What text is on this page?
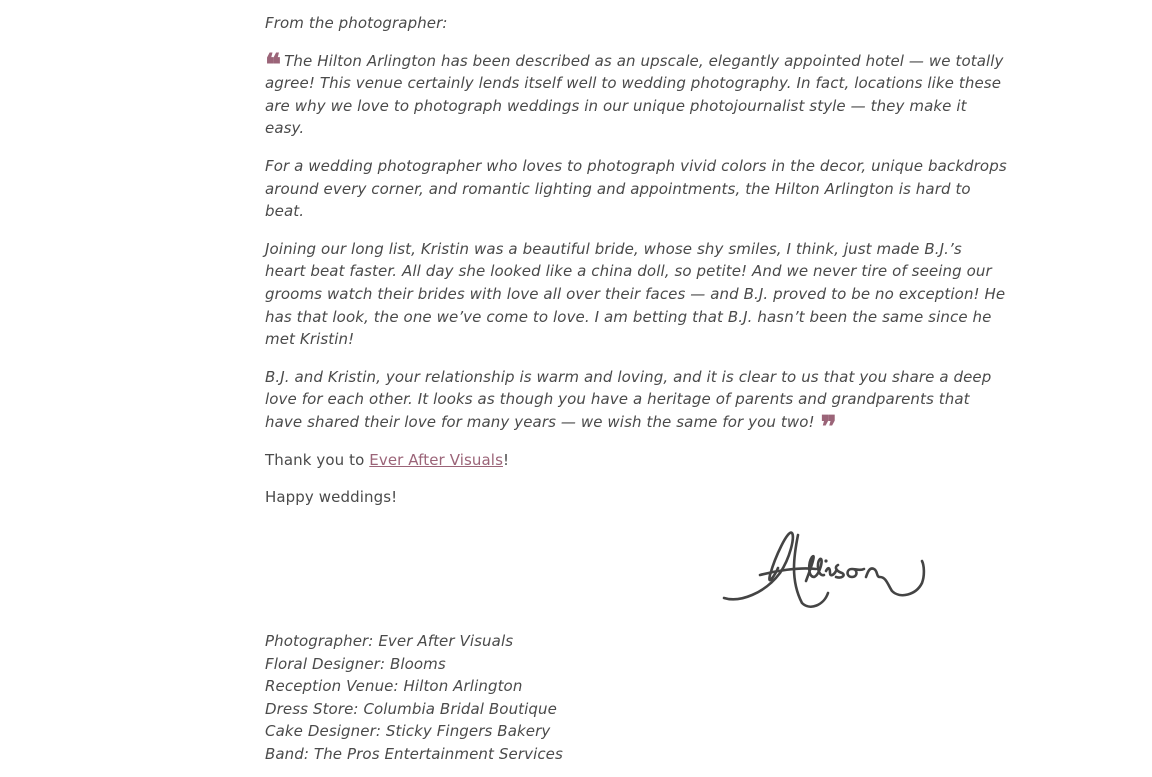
From the photographer:

❝ The Hilton Arlington has been described as an upscale, elegantly appointed hotel — we totally agree! This venue certainly lends itself well to wedding photography. In fact, locations like these are why we love to photograph weddings in our unique photojournalist style — they make it easy.

For a wedding photographer who loves to photograph vivid colors in the decor, unique backdrops around every corner, and romantic lighting and appointments, the Hilton Arlington is hard to beat.

Joining our long list, Kristin was a beautiful bride, whose shy smiles, I think, just made B.J.’s heart beat faster. All day she looked like a china doll, so petite! And we never tire of seeing our grooms watch their brides with love all over their faces — and B.J. proved to be no exception! He has that look, the one we’ve come to love. I am betting that B.J. hasn’t been the same since he met Kristin!

B.J. and Kristin, your relationship is warm and loving, and it is clear to us that you share a deep love for each other. It looks as though you have a heritage of parents and grandparents that have shared their love for many years — we wish the same for you two! ❞

Thank you to Ever After Visuals!

Happy weddings!

Photographer: Ever After Visuals

Floral Designer: Blooms

Reception Venue: Hilton Arlington

Dress Store: Columbia Bridal Boutique

Cake Designer: Sticky Fingers Bakery

Band: The Pros Entertainment Services
